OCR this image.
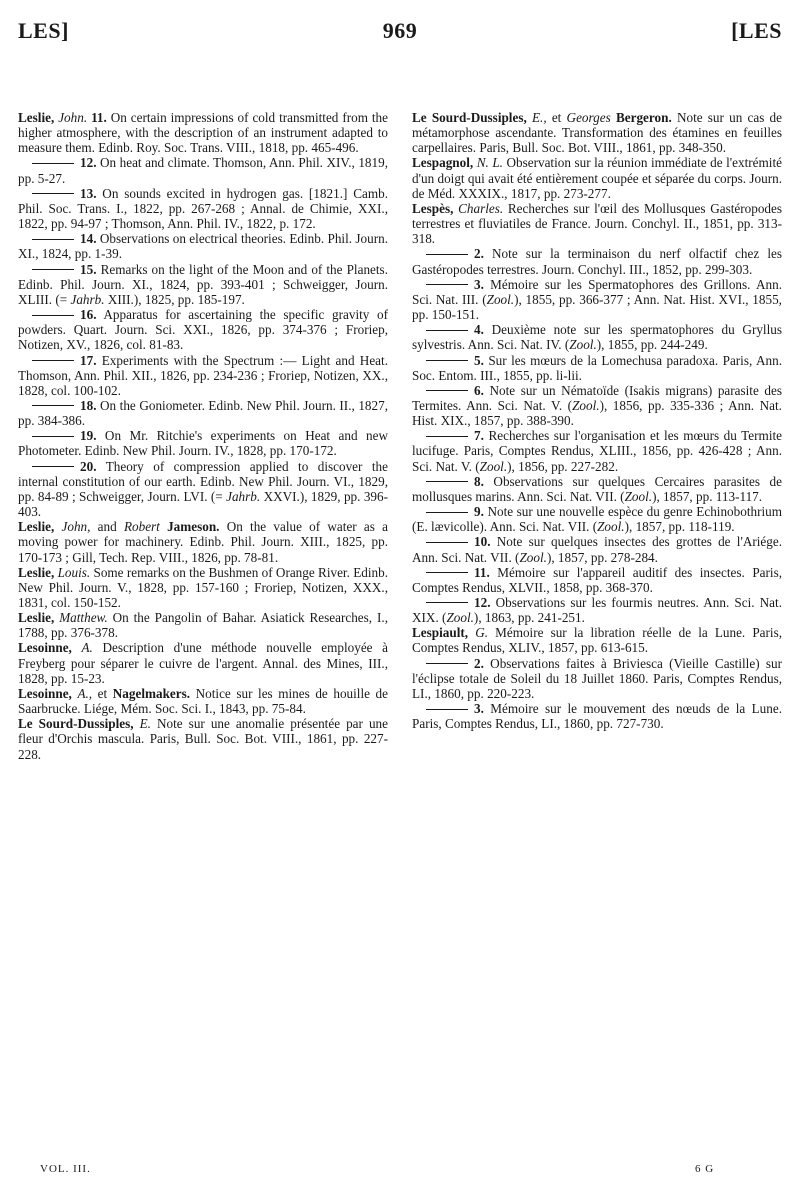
LES]	969	[LES

Leslie, John. 11. On certain impressions of cold transmitted from the higher atmosphere, with the description of an instrument adapted to measure them. Edinb. Roy. Soc. Trans. VIII., 1818, pp. 465-496.

12. On heat and climate. Thomson, Ann. Phil. XIV., 1819, pp. 5-27.

13. On sounds excited in hydrogen gas. [1821.] Camb. Phil. Soc. Trans. I., 1822, pp. 267-268 ; Annal. de Chimie, XXI., 1822, pp. 94-97 ; Thomson, Ann. Phil. IV., 1822, p. 172.

14. Observations on electrical theories. Edinb. Phil. Journ. XI., 1824, pp. 1-39.

15. Remarks on the light of the Moon and of the Planets. Edinb. Phil. Journ. XI., 1824, pp. 393-401 ; Schweigger, Journ. XLIII. (= Jahrb. XIII.), 1825, pp. 185-197.

16. Apparatus for ascertaining the specific gravity of powders. Quart. Journ. Sci. XXI., 1826, pp. 374-376 ; Froriep, Notizen, XV., 1826, col. 81-83.

17. Experiments with the Spectrum :— Light and Heat. Thomson, Ann. Phil. XII., 1826, pp. 234-236 ; Froriep, Notizen, XX., 1828, col. 100-102.

18. On the Goniometer. Edinb. New Phil. Journ. II., 1827, pp. 384-386.

19. On Mr. Ritchie's experiments on Heat and new Photometer. Edinb. New Phil. Journ. IV., 1828, pp. 170-172.

20. Theory of compression applied to discover the internal constitution of our earth. Edinb. New Phil. Journ. VI., 1829, pp. 84-89 ; Schweigger, Journ. LVI. (= Jahrb. XXVI.), 1829, pp. 396-403.

Leslie, John, and Robert Jameson. On the value of water as a moving power for machinery. Edinb. Phil. Journ. XIII., 1825, pp. 170-173 ; Gill, Tech. Rep. VIII., 1826, pp. 78-81.

Leslie, Louis. Some remarks on the Bushmen of Orange River. Edinb. New Phil. Journ. V., 1828, pp. 157-160 ; Froriep, Notizen, XXX., 1831, col. 150-152.

Leslie, Matthew. On the Pangolin of Bahar. Asiatick Researches, I., 1788, pp. 376-378.

Lesoinne, A. Description d'une méthode nouvelle employée à Freyberg pour séparer le cuivre de l'argent. Annal. des Mines, III., 1828, pp. 15-23.

Lesoinne, A., et Nagelmakers. Notice sur les mines de houille de Saarbrucke. Liége, Mém. Soc. Sci. I., 1843, pp. 75-84.

Le Sourd-Dussiples, E. Note sur une anomalie présentée par une fleur d'Orchis mascula. Paris, Bull. Soc. Bot. VIII., 1861, pp. 227-228.

Le Sourd-Dussiples, E., et Georges Bergeron. Note sur un cas de métamorphose ascendante. Transformation des étamines en feuilles carpellaires. Paris, Bull. Soc. Bot. VIII., 1861, pp. 348-350.

Lespagnol, N. L. Observation sur la réunion immédiate de l'extrémité d'un doigt qui avait été entièrement coupée et séparée du corps. Journ. de Méd. XXXIX., 1817, pp. 273-277.

Lespès, Charles. Recherches sur l'œil des Mollusques Gastéropodes terrestres et fluviatiles de France. Journ. Conchyl. II., 1851, pp. 313-318.

2. Note sur la terminaison du nerf olfactif chez les Gastéropodes terrestres. Journ. Conchyl. III., 1852, pp. 299-303.

3. Mémoire sur les Spermatophores des Grillons. Ann. Sci. Nat. III. (Zool.), 1855, pp. 366-377 ; Ann. Nat. Hist. XVI., 1855, pp. 150-151.

4. Deuxième note sur les spermatophores du Gryllus sylvestris. Ann. Sci. Nat. IV. (Zool.), 1855, pp. 244-249.

5. Sur les mœurs de la Lomechusa paradoxa. Paris, Ann. Soc. Entom. III., 1855, pp. li-lii.

6. Note sur un Nématoïde (Isakis migrans) parasite des Termites. Ann. Sci. Nat. V. (Zool.), 1856, pp. 335-336 ; Ann. Nat. Hist. XIX., 1857, pp. 388-390.

7. Recherches sur l'organisation et les mœurs du Termite lucifuge. Paris, Comptes Rendus, XLIII., 1856, pp. 426-428 ; Ann. Sci. Nat. V. (Zool.), 1856, pp. 227-282.

8. Observations sur quelques Cercaires parasites de mollusques marins. Ann. Sci. Nat. VII. (Zool.), 1857, pp. 113-117.

9. Note sur une nouvelle espèce du genre Echinobothrium (E. lævicolle). Ann. Sci. Nat. VII. (Zool.), 1857, pp. 118-119.

10. Note sur quelques insectes des grottes de l'Ariége. Ann. Sci. Nat. VII. (Zool.), 1857, pp. 278-284.

11. Mémoire sur l'appareil auditif des insectes. Paris, Comptes Rendus, XLVII., 1858, pp. 368-370.

12. Observations sur les fourmis neutres. Ann. Sci. Nat. XIX. (Zool.), 1863, pp. 241-251.

Lespiault, G. Mémoire sur la libration réelle de la Lune. Paris, Comptes Rendus, XLIV., 1857, pp. 613-615.

2. Observations faites à Briviesca (Vieille Castille) sur l'éclipse totale de Soleil du 18 Juillet 1860. Paris, Comptes Rendus, LI., 1860, pp. 220-223.

3. Mémoire sur le mouvement des nœuds de la Lune. Paris, Comptes Rendus, LI., 1860, pp. 727-730.

VOL. III.	6 G
